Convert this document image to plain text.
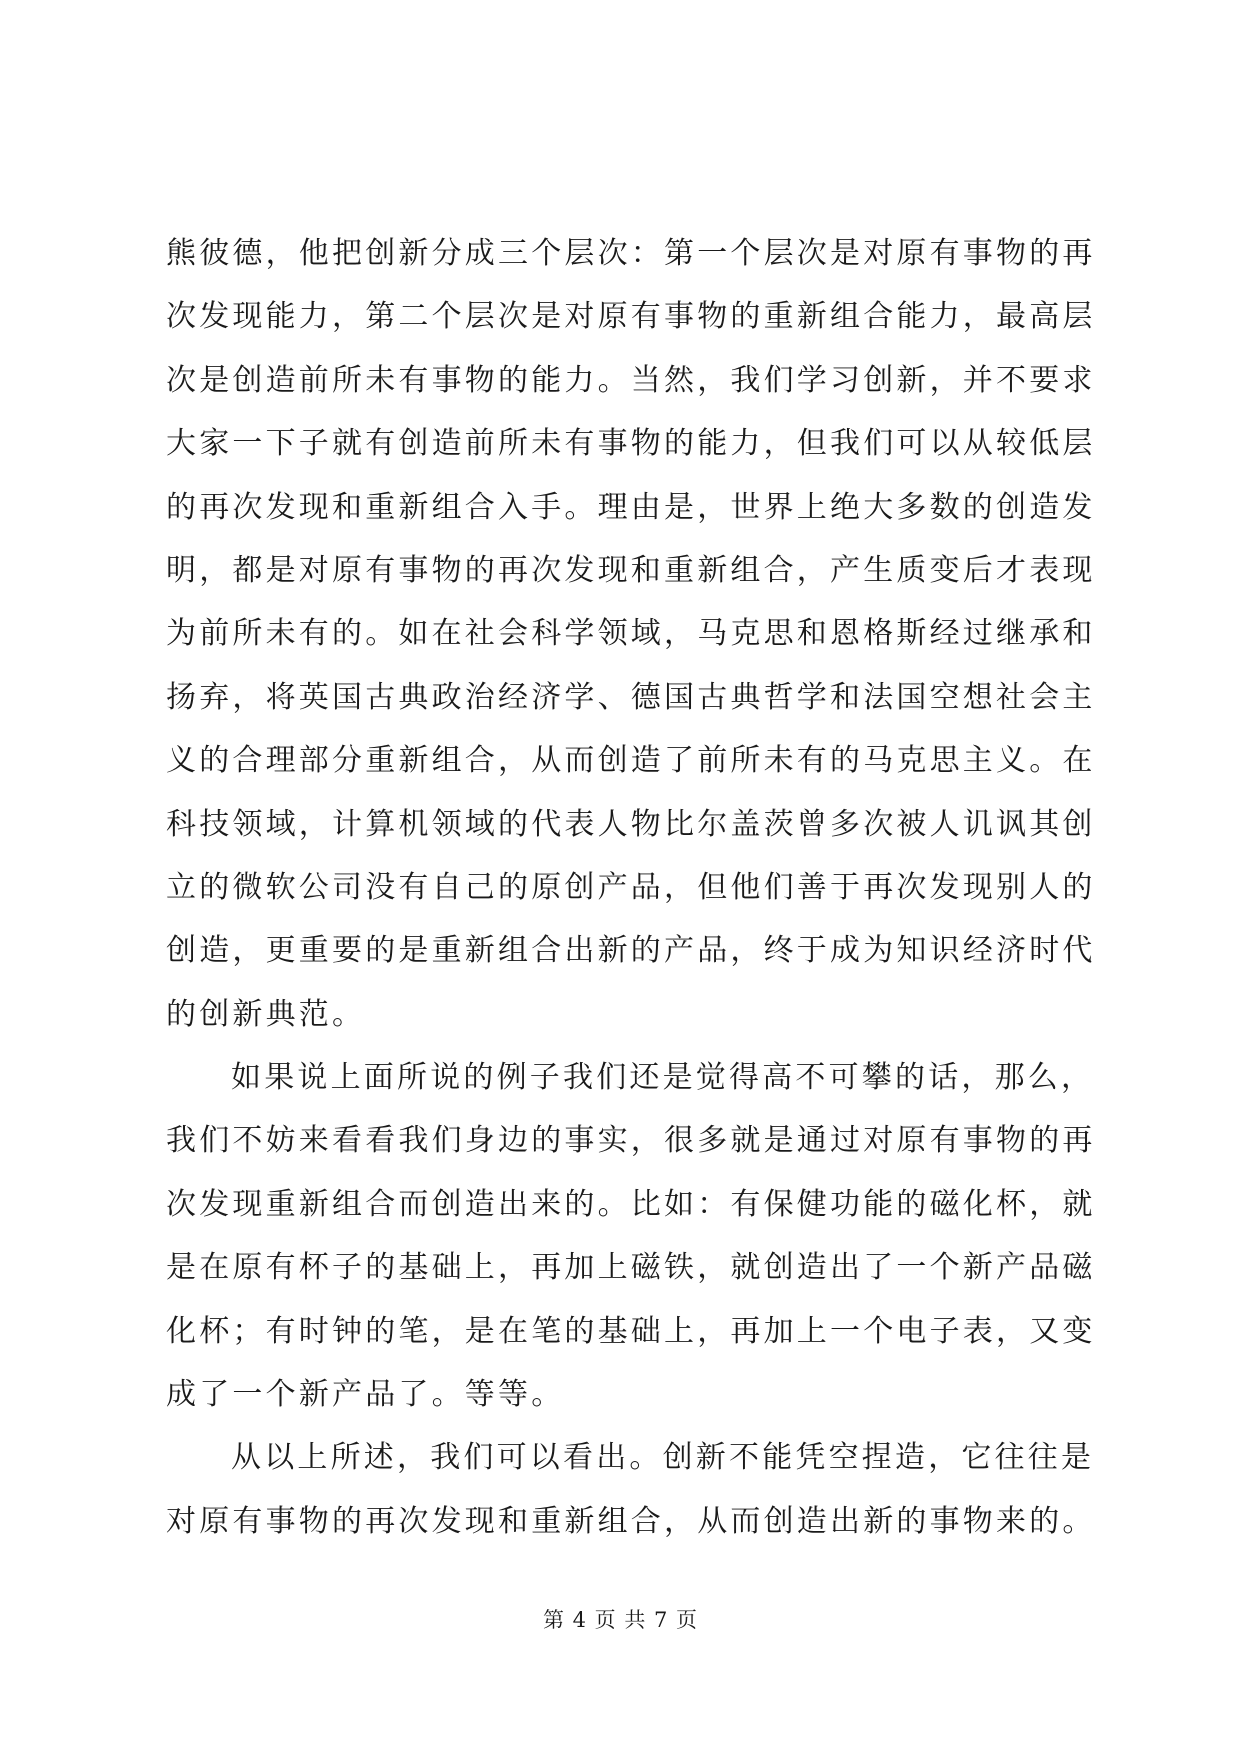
熊彼德，他把创新分成三个层次：第一个层次是对原有事物的再
次发现能力，第二个层次是对原有事物的重新组合能力，最高层
次是创造前所未有事物的能力。当然，我们学习创新，并不要求
大家一下子就有创造前所未有事物的能力，但我们可以从较低层
的再次发现和重新组合入手。理由是，世界上绝大多数的创造发
明，都是对原有事物的再次发现和重新组合，产生质变后才表现
为前所未有的。如在社会科学领域，马克思和恩格斯经过继承和
扬弃，将英国古典政治经济学、德国古典哲学和法国空想社会主
义的合理部分重新组合，从而创造了前所未有的马克思主义。在
科技领域，计算机领域的代表人物比尔盖茨曾多次被人讥讽其创
立的微软公司没有自己的原创产品，但他们善于再次发现别人的
创造，更重要的是重新组合出新的产品，终于成为知识经济时代
的创新典范。
如果说上面所说的例子我们还是觉得高不可攀的话，那么，
我们不妨来看看我们身边的事实，很多就是通过对原有事物的再
次发现重新组合而创造出来的。比如：有保健功能的磁化杯，就
是在原有杯子的基础上，再加上磁铁，就创造出了一个新产品磁
化杯；有时钟的笔，是在笔的基础上，再加上一个电子表，又变
成了一个新产品了。等等。
从以上所述，我们可以看出。创新不能凭空捏造，它往往是
对原有事物的再次发现和重新组合，从而创造出新的事物来的。
第 4 页 共 7 页
